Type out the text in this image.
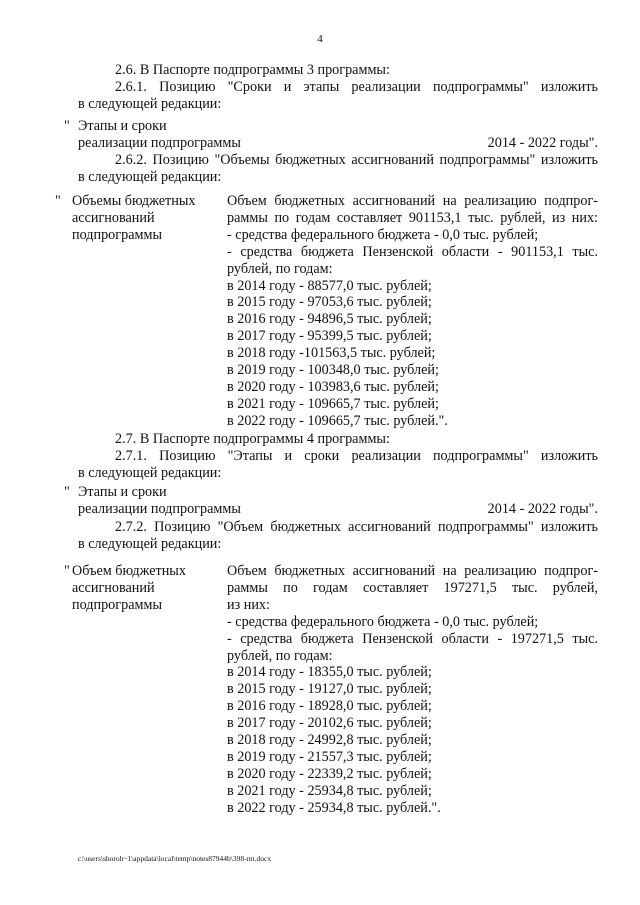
4
2.6. В Паспорте подпрограммы 3 программы:
2.6.1. Позицию "Сроки и этапы реализации подпрограммы" изложить
в следующей редакции:
" Этапы и сроки
реализации подпрограммы	2014 - 2022 годы".
2.6.2. Позицию "Объемы бюджетных ассигнований подпрограммы" изложить
в следующей редакции:
" Объемы бюджетных
ассигнований
подпрограммы
Объем бюджетных ассигнований на реализацию подпрог-
раммы по годам составляет 901153,1 тыс. рублей, из них:
- средства федерального бюджета - 0,0 тыс. рублей;
- средства бюджета Пензенской области - 901153,1 тыс.
рублей, по годам:
в 2014 году - 88577,0 тыс. рублей;
в 2015 году - 97053,6 тыс. рублей;
в 2016 году - 94896,5 тыс. рублей;
в 2017 году - 95399,5 тыс. рублей;
в 2018 году -101563,5 тыс. рублей;
в 2019 году - 100348,0 тыс. рублей;
в 2020 году - 103983,6 тыс. рублей;
в 2021 году - 109665,7 тыс. рублей;
в 2022 году - 109665,7 тыс. рублей.".
2.7. В Паспорте подпрограммы 4 программы:
2.7.1. Позицию "Этапы и сроки реализации подпрограммы" изложить
в следующей редакции:
" Этапы и сроки
реализации подпрограммы	2014 - 2022 годы".
2.7.2. Позицию "Объем бюджетных ассигнований подпрограммы" изложить
в следующей редакции:
" Объем бюджетных
ассигнований
подпрограммы
Объем бюджетных ассигнований на реализацию подпрог-
раммы по годам составляет 197271,5 тыс. рублей,
из них:
- средства федерального бюджета - 0,0 тыс. рублей;
- средства бюджета Пензенской области - 197271,5 тыс.
рублей, по годам:
в 2014 году - 18355,0 тыс. рублей;
в 2015 году - 19127,0 тыс. рублей;
в 2016 году - 18928,0 тыс. рублей;
в 2017 году - 20102,6 тыс. рублей;
в 2018 году - 24992,8 тыс. рублей;
в 2019 году - 21557,3 тыс. рублей;
в 2020 году - 22339,2 тыс. рублей;
в 2021 году - 25934,8 тыс. рублей;
в 2022 году - 25934,8 тыс. рублей.".
c:\users\shoroh~1\appdata\local\temp\notes87944b\398-пп.docx
